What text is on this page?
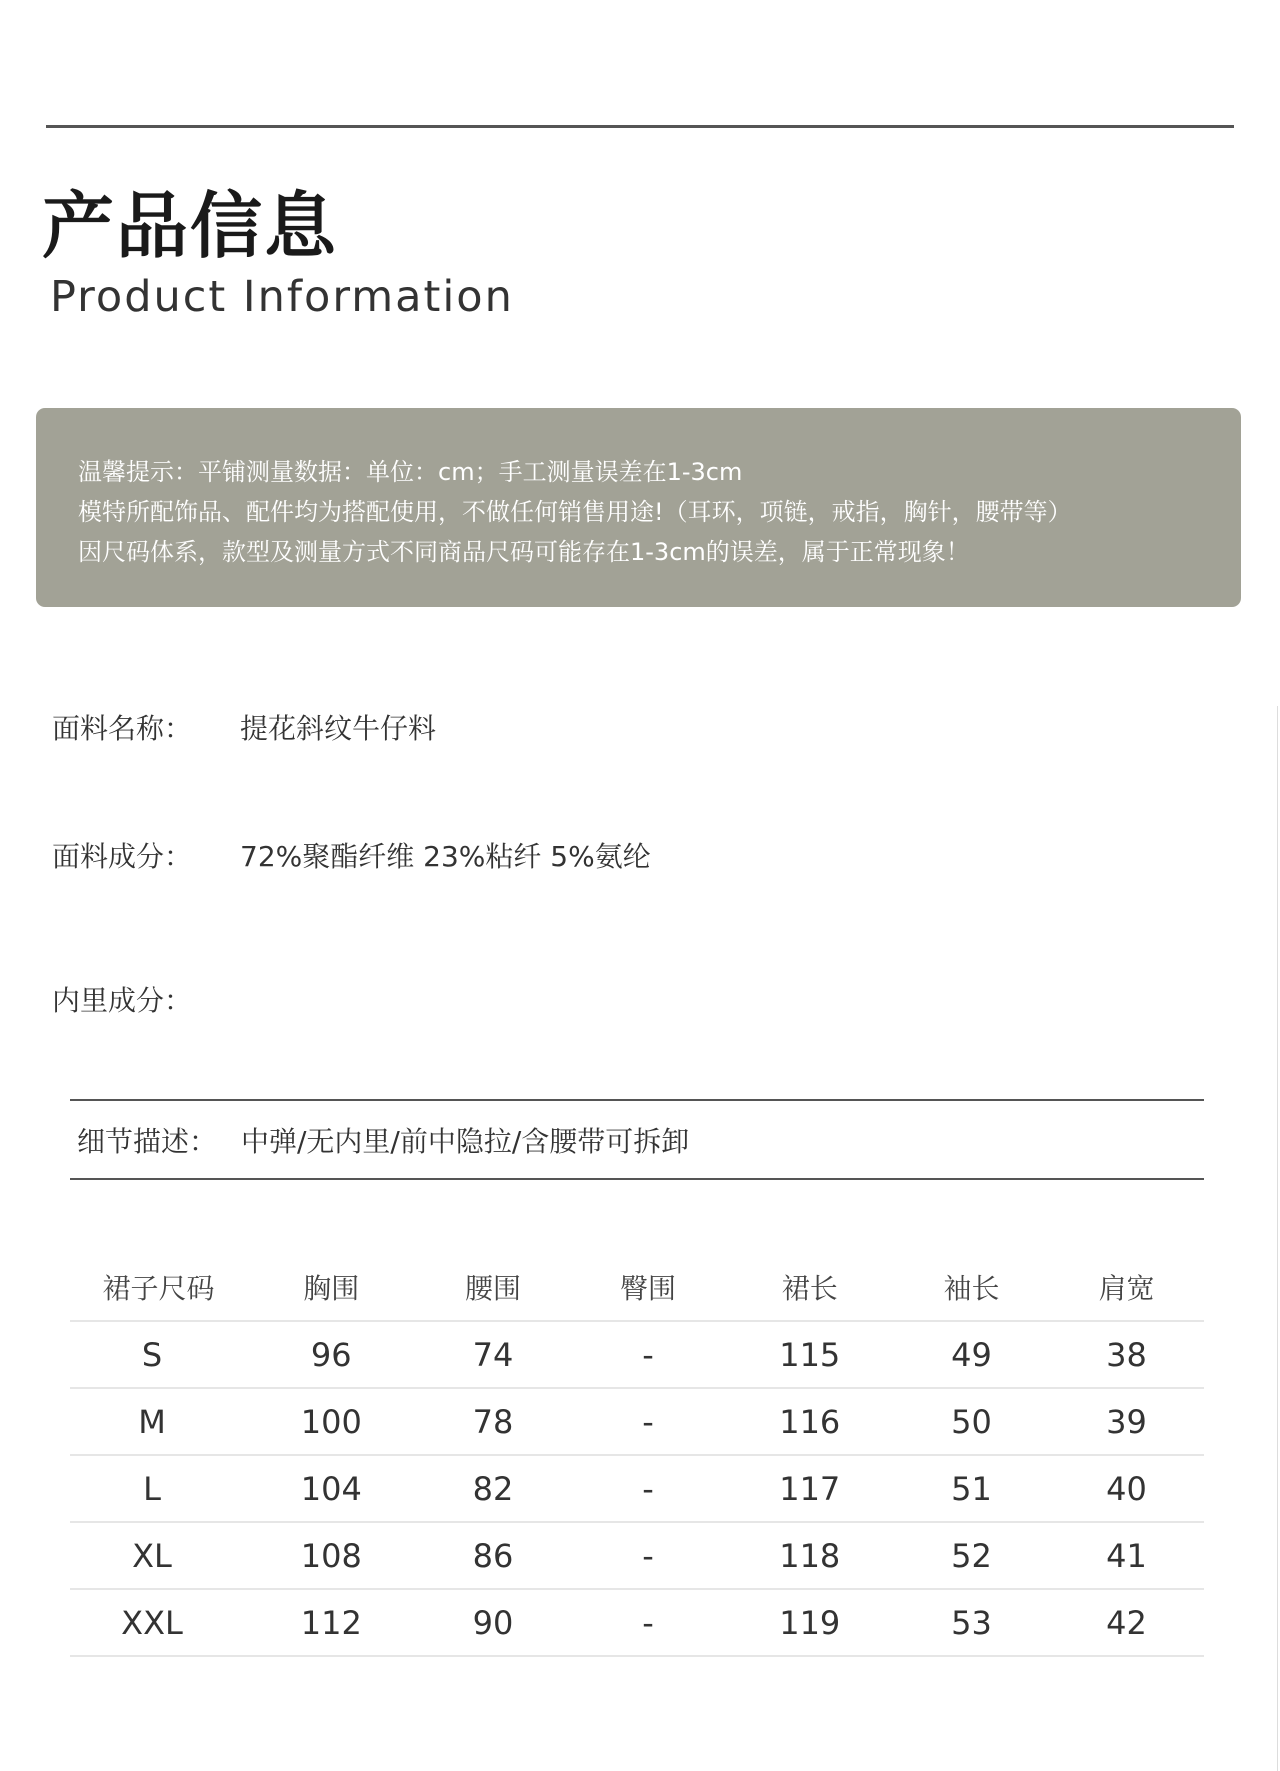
产品信息
Product Information
温馨提示：平铺测量数据：单位：cm；手工测量误差在1-3cm
模特所配饰品、配件均为搭配使用，不做任何销售用途!（耳环，项链，戒指，胸针，腰带等）
因尺码体系，款型及测量方式不同商品尺码可能存在1-3cm的误差，属于正常现象！
面料名称： 提花斜纹牛仔料
面料成分： 72%聚酯纤维 23%粘纤 5%氨纶
内里成分：
细节描述： 中弹/无内里/前中隐拉/含腰带可拆卸
裙子尺码	胸围	腰围	臀围	裙长	袖长	肩宽
S	96	74	-	115	49	38
M	100	78	-	116	50	39
L	104	82	-	117	51	40
XL	108	86	-	118	52	41
XXL	112	90	-	119	53	42
